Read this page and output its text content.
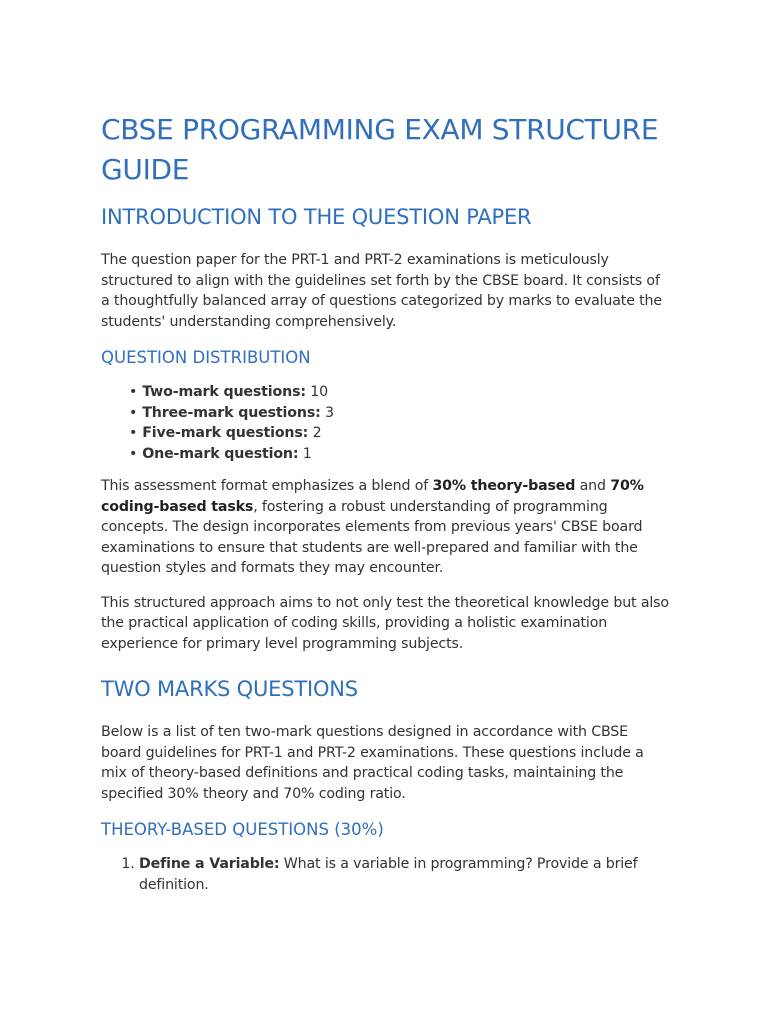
CBSE PROGRAMMING EXAM STRUCTURE GUIDE
INTRODUCTION TO THE QUESTION PAPER

The question paper for the PRT-1 and PRT-2 examinations is meticulously structured to align with the guidelines set forth by the CBSE board. It consists of a thoughtfully balanced array of questions categorized by marks to evaluate the students' understanding comprehensively.

QUESTION DISTRIBUTION
• Two-mark questions: 10
• Three-mark questions: 3
• Five-mark questions: 2
• One-mark question: 1

This assessment format emphasizes a blend of 30% theory-based and 70% coding-based tasks, fostering a robust understanding of programming concepts. The design incorporates elements from previous years' CBSE board examinations to ensure that students are well-prepared and familiar with the question styles and formats they may encounter.

This structured approach aims to not only test the theoretical knowledge but also the practical application of coding skills, providing a holistic examination experience for primary level programming subjects.

TWO MARKS QUESTIONS

Below is a list of ten two-mark questions designed in accordance with CBSE board guidelines for PRT-1 and PRT-2 examinations. These questions include a mix of theory-based definitions and practical coding tasks, maintaining the specified 30% theory and 70% coding ratio.

THEORY-BASED QUESTIONS (30%)
1. Define a Variable: What is a variable in programming? Provide a brief definition.
